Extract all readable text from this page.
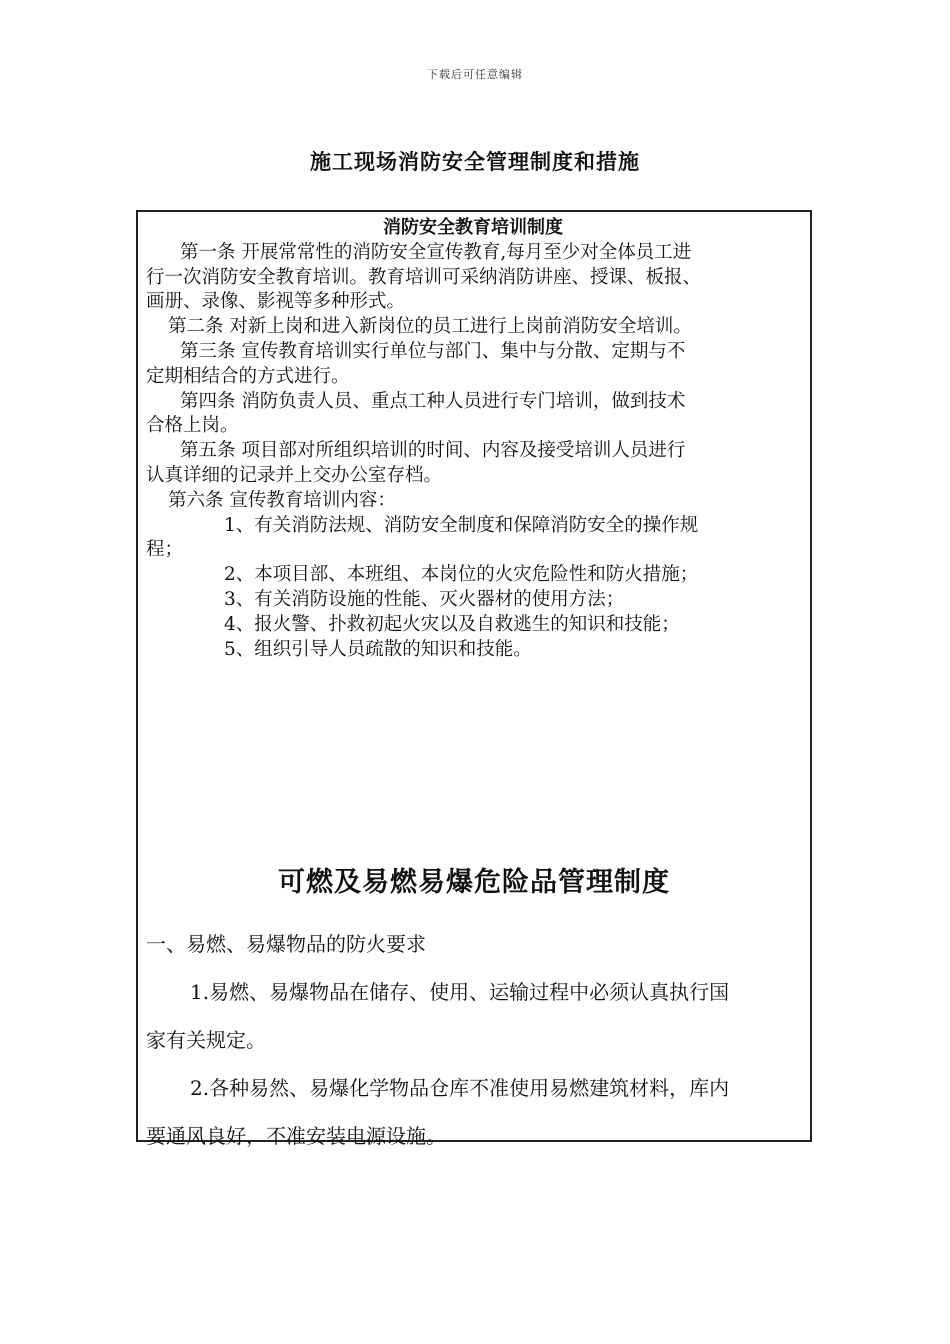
下载后可任意编辑
施工现场消防安全管理制度和措施
消防安全教育培训制度
第一条 开展常常性的消防安全宣传教育,每月至少对全体员工进
行一次消防安全教育培训。教育培训可采纳消防讲座、授课、板报、
画册、录像、影视等多种形式。
第二条 对新上岗和进入新岗位的员工进行上岗前消防安全培训。
第三条 宣传教育培训实行单位与部门、集中与分散、定期与不
定期相结合的方式进行。
第四条 消防负责人员、重点工种人员进行专门培训，做到技术
合格上岗。
第五条 项目部对所组织培训的时间、内容及接受培训人员进行
认真详细的记录并上交办公室存档。
第六条 宣传教育培训内容：
1、有关消防法规、消防安全制度和保障消防安全的操作规
程；
2、本项目部、本班组、本岗位的火灾危险性和防火措施；
3、有关消防设施的性能、灭火器材的使用方法；
4、报火警、扑救初起火灾以及自救逃生的知识和技能；
5、组织引导人员疏散的知识和技能。
可燃及易燃易爆危险品管理制度
一、易燃、易爆物品的防火要求
1.易燃、易爆物品在储存、使用、运输过程中必须认真执行国
家有关规定。
2.各种易然、易爆化学物品仓库不准使用易燃建筑材料，库内
要通风良好，不准安装电源设施。
